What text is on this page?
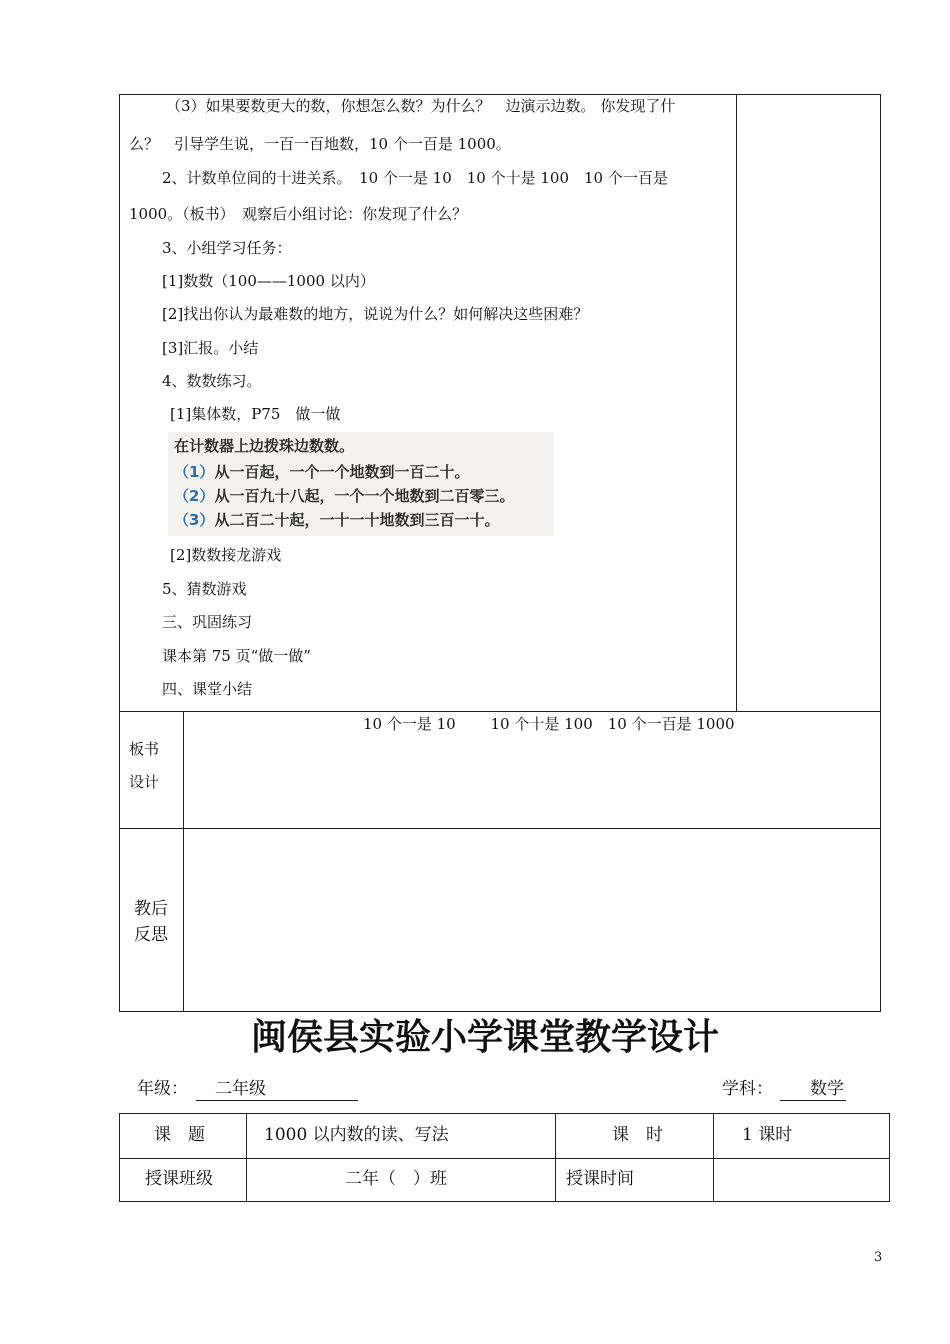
（3）如果要数更大的数，你想怎么数？为什么？　边演示边数。 你发现了什
么？　引导学生说，一百一百地数，10 个一百是 1000。
2、计数单位间的十进关系。　10 个一是 10　10 个十是 100　10 个一百是
1000。（板书）　观察后小组讨论：你发现了什么？
3、小组学习任务：
[1]数数（100——1000 以内）
[2]找出你认为最难数的地方，说说为什么？如何解决这些困难？
[3]汇报。小结
4、数数练习。
[1]集体数，P75　做一做
在计数器上边拨珠边数数。
（1）从一百起，一个一个地数到一百二十。
（2）从一百九十八起，一个一个地数到二百零三。
（3）从二百二十起，一十一十地数到三百一十。
[2]数数接龙游戏
5、猜数游戏
三、巩固练习
课本第 75 页“做一做”
四、课堂小结
板书
设计
10 个一是 10　　 10 个十是 100　10 个一百是 1000
教后
反思
闽侯县实验小学课堂教学设计
年级： 二年级	学科： 数学
课　题	1000 以内数的读、写法	课　时	1 课时
授课班级	二年（　）班	授课时间
3
